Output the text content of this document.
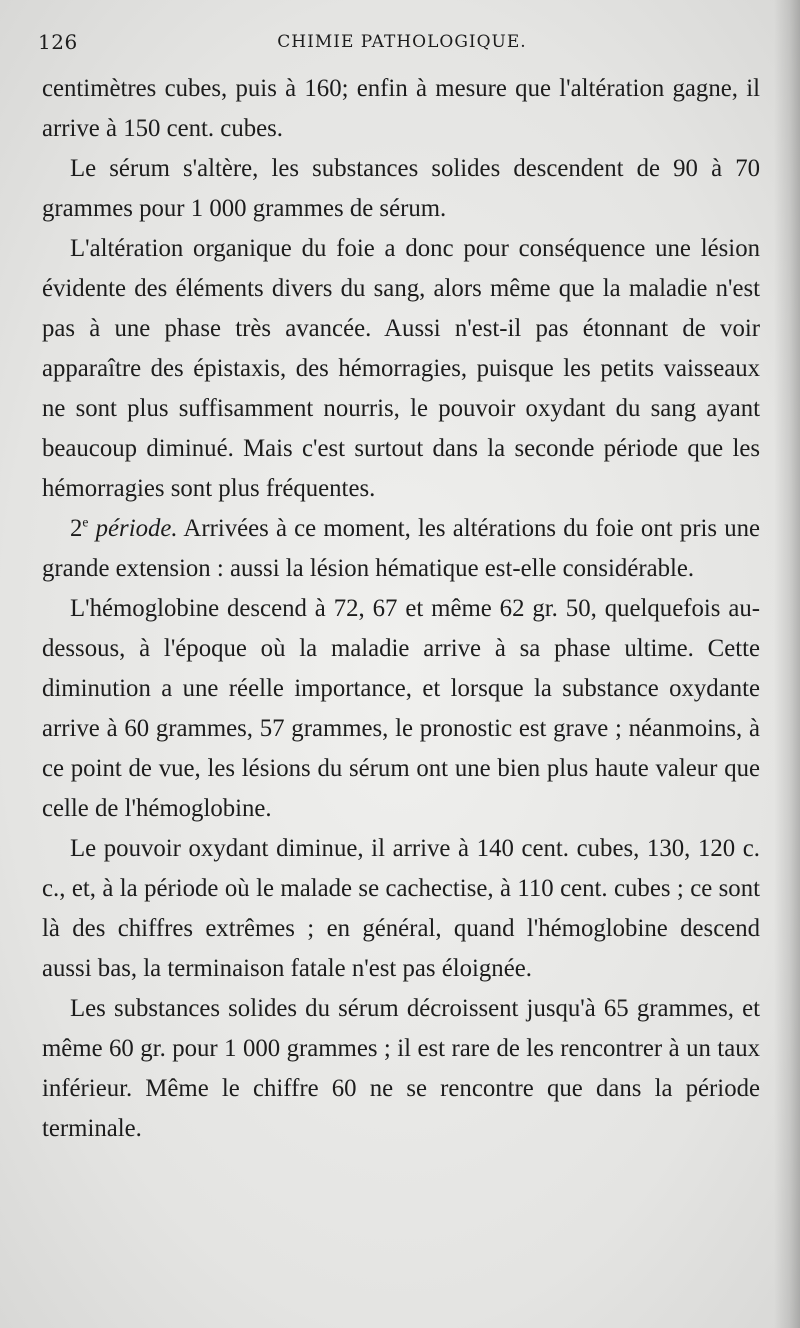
126	CHIMIE PATHOLOGIQUE.

centimètres cubes, puis à 160; enfin à mesure que l'altération gagne, il arrive à 150 cent. cubes.

Le sérum s'altère, les substances solides descendent de 90 à 70 grammes pour 1 000 grammes de sérum.

L'altération organique du foie a donc pour conséquence une lésion évidente des éléments divers du sang, alors même que la maladie n'est pas à une phase très avancée. Aussi n'est-il pas étonnant de voir apparaître des épistaxis, des hémorragies, puisque les petits vaisseaux ne sont plus suffisamment nourris, le pouvoir oxydant du sang ayant beaucoup diminué. Mais c'est surtout dans la seconde période que les hémorragies sont plus fréquentes.

2e période. Arrivées à ce moment, les altérations du foie ont pris une grande extension : aussi la lésion hématique est-elle considérable.

L'hémoglobine descend à 72, 67 et même 62 gr. 50, quelquefois au-dessous, à l'époque où la maladie arrive à sa phase ultime. Cette diminution a une réelle importance, et lorsque la substance oxydante arrive à 60 grammes, 57 grammes, le pronostic est grave ; néanmoins, à ce point de vue, les lésions du sérum ont une bien plus haute valeur que celle de l'hémoglobine.

Le pouvoir oxydant diminue, il arrive à 140 cent. cubes, 130, 120 c. c., et, à la période où le malade se cachectise, à 110 cent. cubes ; ce sont là des chiffres extrêmes ; en général, quand l'hémoglobine descend aussi bas, la terminaison fatale n'est pas éloignée.

Les substances solides du sérum décroissent jusqu'à 65 grammes, et même 60 gr. pour 1 000 grammes ; il est rare de les rencontrer à un taux inférieur. Même le chiffre 60 ne se rencontre que dans la période terminale.
